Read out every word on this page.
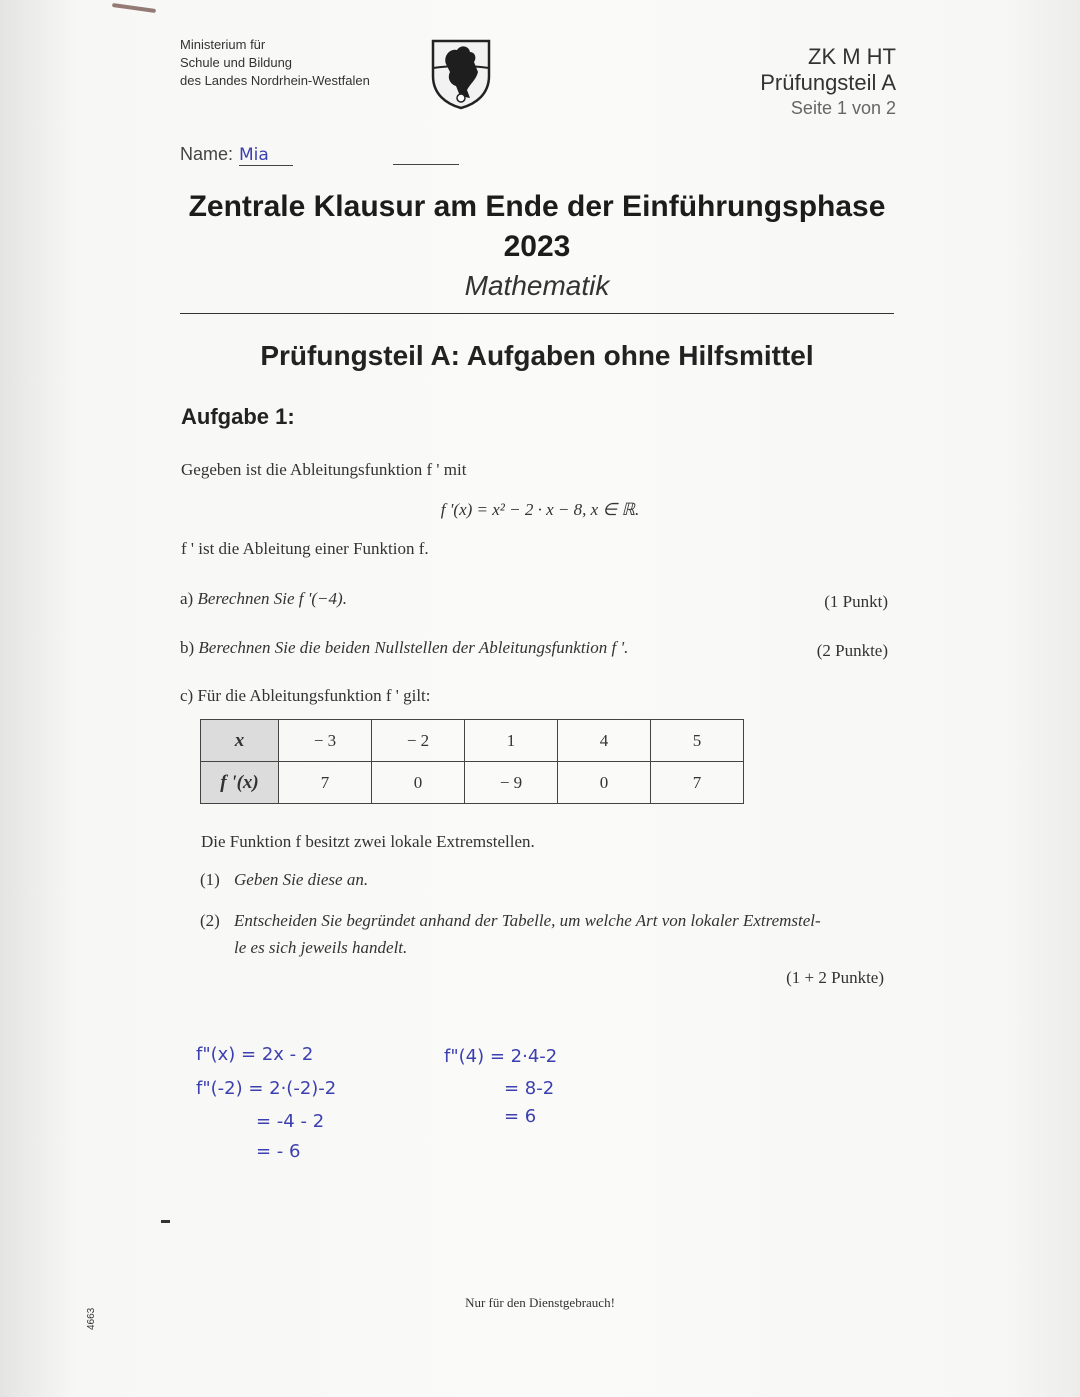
Ministerium für
Schule und Bildung
des Landes Nordrhein-Westfalen
ZK M HT
Prüfungsteil A
Seite 1 von 2
Name: Mia
Zentrale Klausur am Ende der Einführungsphase
2023
Mathematik
Prüfungsteil A: Aufgaben ohne Hilfsmittel
Aufgabe 1:
Gegeben ist die Ableitungsfunktion f ' mit
f '(x) = x² − 2 · x − 8, x ∈ ℝ.
f ' ist die Ableitung einer Funktion f.
a) Berechnen Sie f '(−4).	(1 Punkt)
b) Berechnen Sie die beiden Nullstellen der Ableitungsfunktion f '.	(2 Punkte)
c) Für die Ableitungsfunktion f ' gilt:
x	− 3	− 2	1	4	5
f '(x)	7	0	− 9	0	7
Die Funktion f besitzt zwei lokale Extremstellen.
(1) Geben Sie diese an.
(2) Entscheiden Sie begründet anhand der Tabelle, um welche Art von lokaler Extremstel-
le es sich jeweils handelt.
(1 + 2 Punkte)
f"(x) = 2x - 2
f"(-2) = 2·(-2)-2
= -4 - 2
= - 6
f"(4) = 2·4-2
= 8-2
= 6
Nur für den Dienstgebrauch!
4663
